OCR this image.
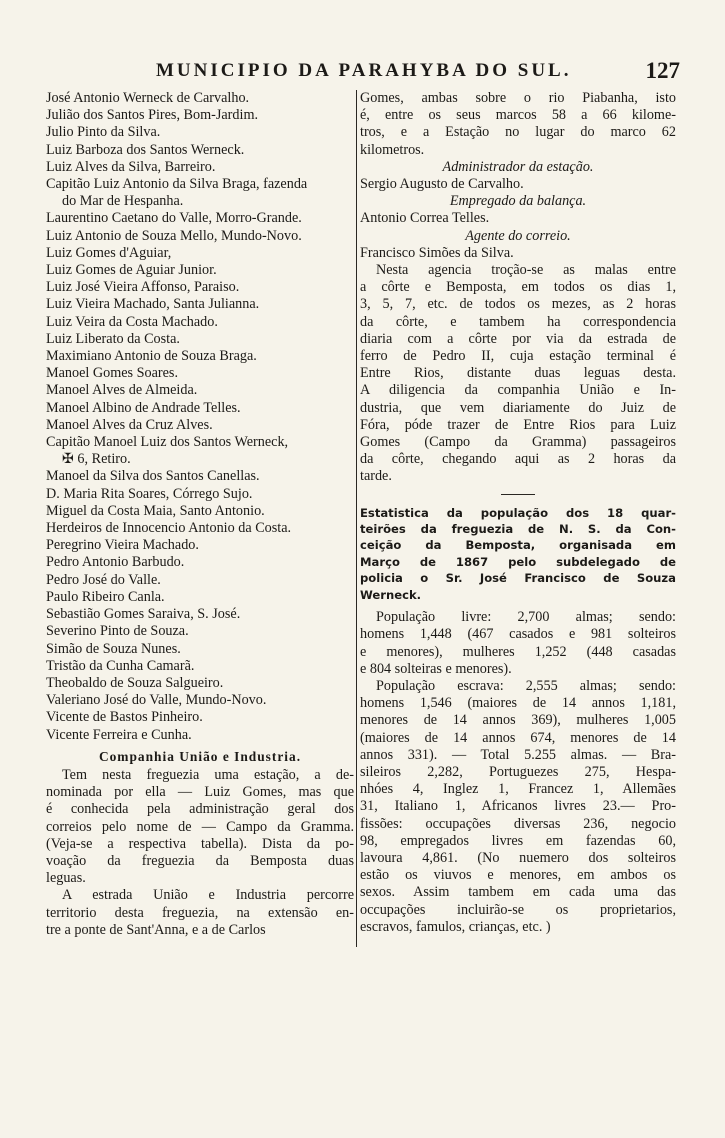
MUNICIPIO DA PARAHYBA DO SUL.	127
José Antonio Werneck de Carvalho.
Julião dos Santos Pires, Bom-Jardim.
Julio Pinto da Silva.
Luiz Barboza dos Santos Werneck.
Luiz Alves da Silva, Barreiro.
Capitão Luiz Antonio da Silva Braga, fazenda
do Mar de Hespanha.
Laurentino Caetano do Valle, Morro-Grande.
Luiz Antonio de Souza Mello, Mundo-Novo.
Luiz Gomes d'Aguiar,
Luiz Gomes de Aguiar Junior.
Luiz José Vieira Affonso, Paraiso.
Luiz Vieira Machado, Santa Julianna.
Luiz Veira da Costa Machado.
Luiz Liberato da Costa.
Maximiano Antonio de Souza Braga.
Manoel Gomes Soares.
Manoel Alves de Almeida.
Manoel Albino de Andrade Telles.
Manoel Alves da Cruz Alves.
Capitão Manoel Luiz dos Santos Werneck,
✠ 6, Retiro.
Manoel da Silva dos Santos Canellas.
D. Maria Rita Soares, Córrego Sujo.
Miguel da Costa Maia, Santo Antonio.
Herdeiros de Innocencio Antonio da Costa.
Peregrino Vieira Machado.
Pedro Antonio Barbudo.
Pedro José do Valle.
Paulo Ribeiro Canla.
Sebastião Gomes Saraiva, S. José.
Severino Pinto de Souza.
Simão de Souza Nunes.
Tristão da Cunha Camarã.
Theobaldo de Souza Salgueiro.
Valeriano José do Valle, Mundo-Novo.
Vicente de Bastos Pinheiro.
Vicente Ferreira e Cunha.
Companhia União e Industria.
Tem nesta freguezia uma estação, a de-
nominada por ella — Luiz Gomes, mas que
é conhecida pela administração geral dos
correios pelo nome de — Campo da Gramma.
(Veja-se a respectiva tabella). Dista da po-
voação da freguezia da Bemposta duas
leguas.
A estrada União e Industria percorre
territorio desta freguezia, na extensão en-
tre a ponte de Sant'Anna, e a de Carlos
Gomes, ambas sobre o rio Piabanha, isto
é, entre os seus marcos 58 a 66 kilome-
tros, e a Estação no lugar do marco 62
kilometros.
Administrador da estação.
Sergio Augusto de Carvalho.
Empregado da balança.
Antonio Correa Telles.
Agente do correio.
Francisco Simões da Silva.
Nesta agencia troção-se as malas entre
a côrte e Bemposta, em todos os dias 1,
3, 5, 7, etc. de todos os mezes, as 2 horas
da côrte, e tambem ha correspondencia
diaria com a côrte por via da estrada de
ferro de Pedro II, cuja estação terminal é
Entre Rios, distante duas leguas desta.
A diligencia da companhia União e In-
dustria, que vem diariamente do Juiz de
Fóra, póde trazer de Entre Rios para Luiz
Gomes (Campo da Gramma) passageiros
da côrte, chegando aqui as 2 horas da
tarde.
Estatistica da população dos 18 quar-
teirões da freguezia de N. S. da Con-
ceição da Bemposta, organisada em
Março de 1867 pelo subdelegado de
policia o Sr. José Francisco de Souza
Werneck.
População livre: 2,700 almas; sendo:
homens 1,448 (467 casados e 981 solteiros
e menores), mulheres 1,252 (448 casadas
e 804 solteiras e menores).
População escrava: 2,555 almas; sendo:
homens 1,546 (maiores de 14 annos 1,181,
menores de 14 annos 369), mulheres 1,005
(maiores de 14 annos 674, menores de 14
annos 331). — Total 5.255 almas. — Bra-
sileiros 2,282, Portuguezes 275, Hespa-
nhóes 4, Inglez 1, Francez 1, Allemães
31, Italiano 1, Africanos livres 23.— Pro-
fissões: occupações diversas 236, negocio
98, empregados livres em fazendas 60,
lavoura 4,861. (No nuemero dos solteiros
estão os viuvos e menores, em ambos os
sexos. Assim tambem em cada uma das
occupações incluirão-se os proprietarios,
escravos, famulos, crianças, etc. )
